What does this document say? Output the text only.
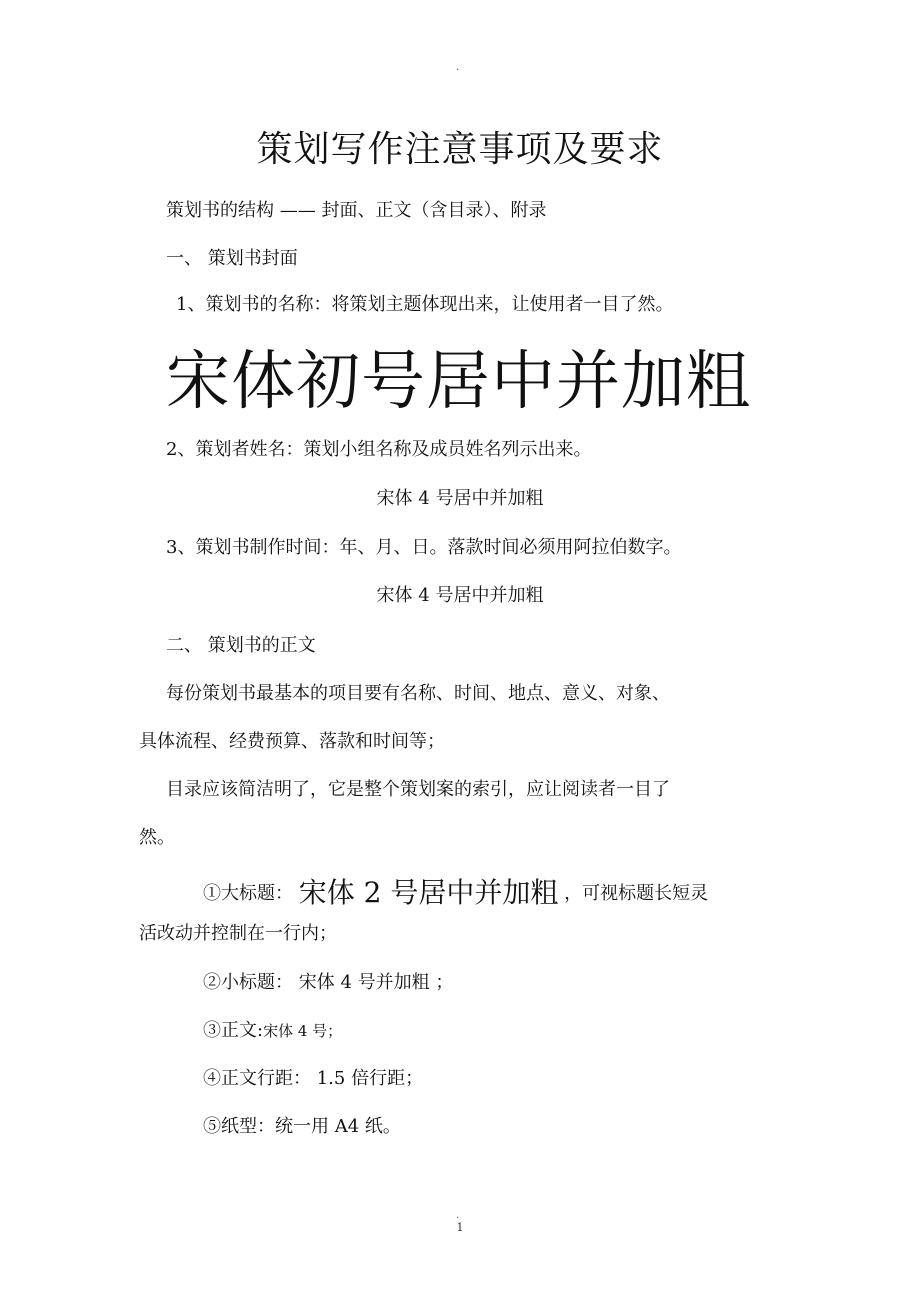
·
策划写作注意事项及要求
策划书的结构 —— 封面、正文（含目录）、附录
一、 策划书封面
1、策划书的名称：将策划主题体现出来，让使用者一目了然。
宋体初号居中并加粗
2、策划者姓名：策划小组名称及成员姓名列示出来。
宋体 4 号居中并加粗
3、策划书制作时间：年、月、日。落款时间必须用阿拉伯数字。
宋体 4 号居中并加粗
二、 策划书的正文
每份策划书最基本的项目要有名称、时间、地点、意义、对象、
具体流程、经费预算、落款和时间等；
目录应该简洁明了，它是整个策划案的索引，应让阅读者一目了
然。
①大标题： 宋体 2 号居中并加粗 ，可视标题长短灵
活改动并控制在一行内；
②小标题： 宋体 4 号并加粗 ；
③正文:宋体 4 号；
④正文行距： 1.5 倍行距；
⑤纸型：统一用 A4 纸。
·
1
